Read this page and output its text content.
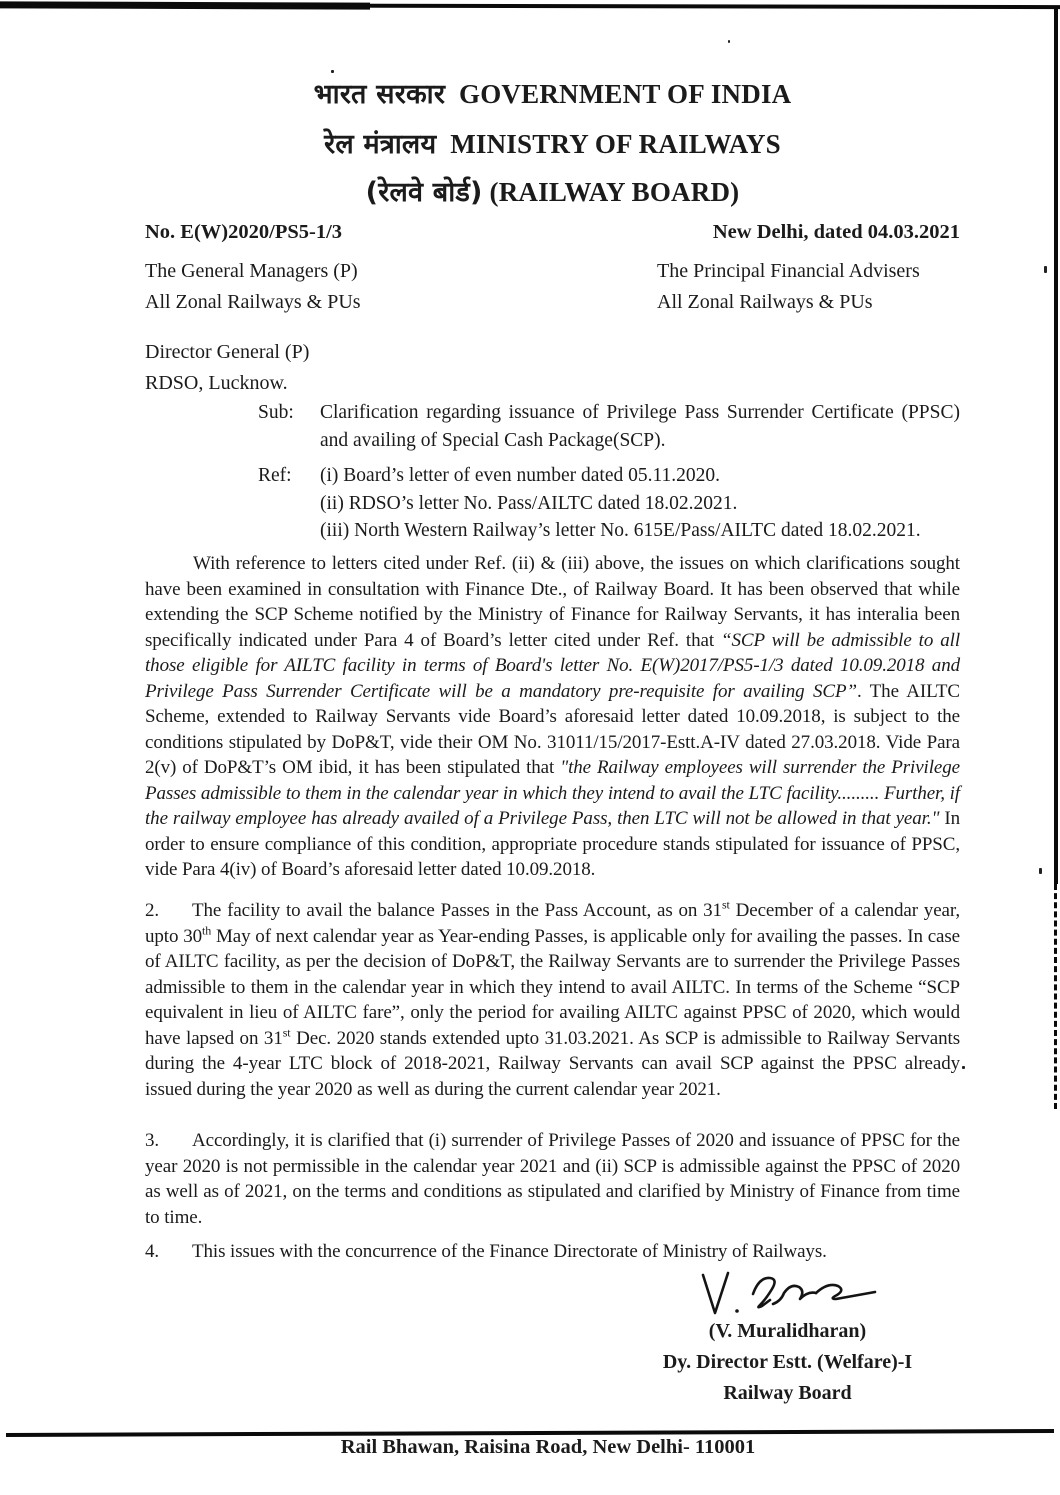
भारत सरकार GOVERNMENT OF INDIA
रेल मंत्रालय MINISTRY OF RAILWAYS
(रेलवे बोर्ड) (RAILWAY BOARD)
No. E(W)2020/PS5-1/3	New Delhi, dated 04.03.2021
The General Managers (P)
All Zonal Railways & PUs
The Principal Financial Advisers
All Zonal Railways & PUs
Director General (P)
RDSO, Lucknow.
Sub:	Clarification regarding issuance of Privilege Pass Surrender Certificate (PPSC) and availing of Special Cash Package(SCP).
Ref:	(i) Board’s letter of even number dated 05.11.2020.
(ii) RDSO’s letter No. Pass/AILTC dated 18.02.2021.
(iii) North Western Railway’s letter No. 615E/Pass/AILTC dated 18.02.2021.

With reference to letters cited under Ref. (ii) & (iii) above, the issues on which clarifications sought have been examined in consultation with Finance Dte., of Railway Board. It has been observed that while extending the SCP Scheme notified by the Ministry of Finance for Railway Servants, it has interalia been specifically indicated under Para 4 of Board’s letter cited under Ref. that “SCP will be admissible to all those eligible for AILTC facility in terms of Board's letter No. E(W)2017/PS5-1/3 dated 10.09.2018 and Privilege Pass Surrender Certificate will be a mandatory pre-requisite for availing SCP”. The AILTC Scheme, extended to Railway Servants vide Board’s aforesaid letter dated 10.09.2018, is subject to the conditions stipulated by DoP&T, vide their OM No. 31011/15/2017-Estt.A-IV dated 27.03.2018. Vide Para 2(v) of DoP&T’s OM ibid, it has been stipulated that "the Railway employees will surrender the Privilege Passes admissible to them in the calendar year in which they intend to avail the LTC facility......... Further, if the railway employee has already availed of a Privilege Pass, then LTC will not be allowed in that year." In order to ensure compliance of this condition, appropriate procedure stands stipulated for issuance of PPSC, vide Para 4(iv) of Board’s aforesaid letter dated 10.09.2018.

2. The facility to avail the balance Passes in the Pass Account, as on 31st December of a calendar year, upto 30th May of next calendar year as Year-ending Passes, is applicable only for availing the passes. In case of AILTC facility, as per the decision of DoP&T, the Railway Servants are to surrender the Privilege Passes admissible to them in the calendar year in which they intend to avail AILTC. In terms of the Scheme “SCP equivalent in lieu of AILTC fare”, only the period for availing AILTC against PPSC of 2020, which would have lapsed on 31st Dec. 2020 stands extended upto 31.03.2021. As SCP is admissible to Railway Servants during the 4-year LTC block of 2018-2021, Railway Servants can avail SCP against the PPSC already issued during the year 2020 as well as during the current calendar year 2021.

3. Accordingly, it is clarified that (i) surrender of Privilege Passes of 2020 and issuance of PPSC for the year 2020 is not permissible in the calendar year 2021 and (ii) SCP is admissible against the PPSC of 2020 as well as of 2021, on the terms and conditions as stipulated and clarified by Ministry of Finance from time to time.

4. This issues with the concurrence of the Finance Directorate of Ministry of Railways.

(V. Muralidharan)
Dy. Director Estt. (Welfare)-I
Railway Board
Rail Bhawan, Raisina Road, New Delhi- 110001
